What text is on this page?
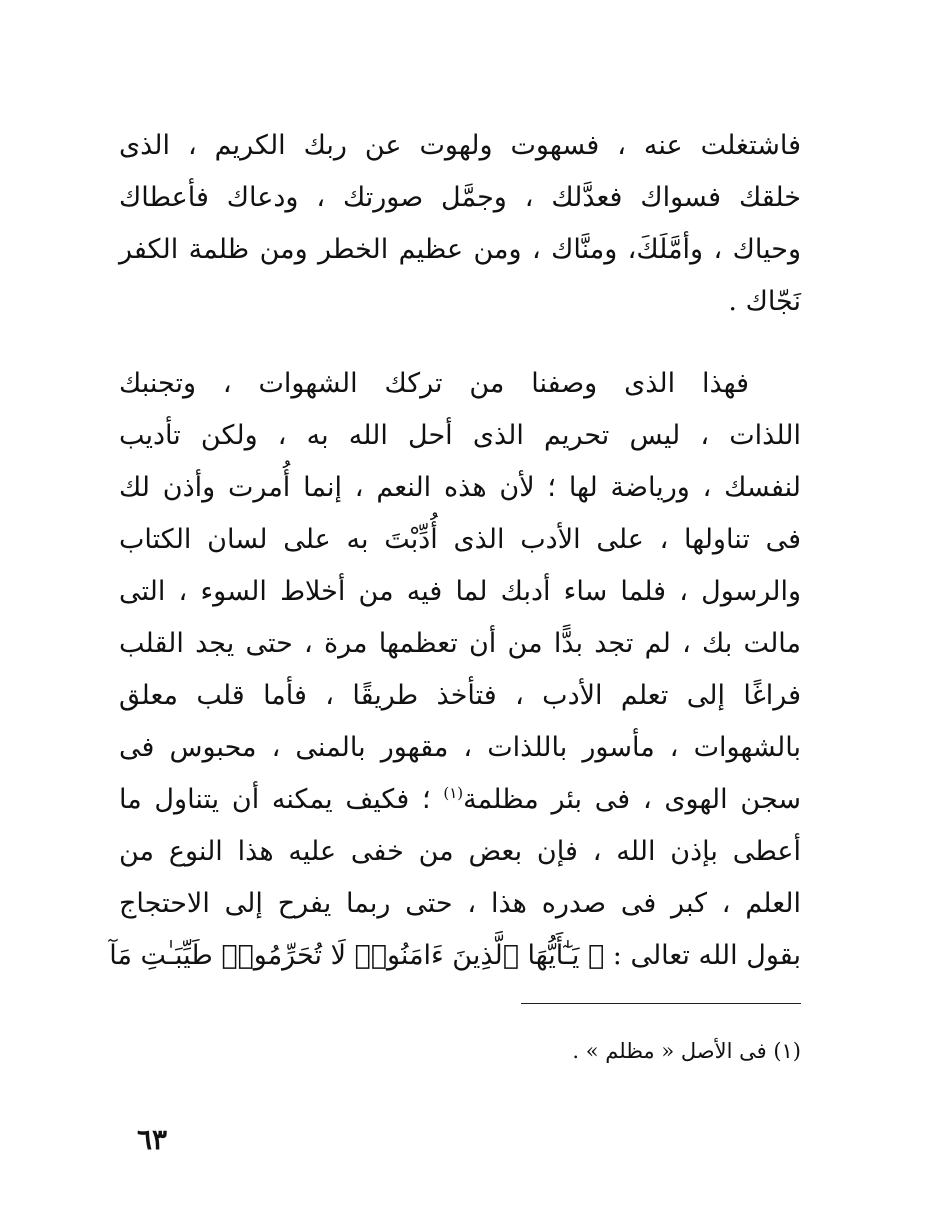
فاشتغلت عنه ، فسهوت ولهوت عن ربك الكريم ، الذى
خلقك فسواك فعدَّلك ، وجمَّل صورتك ، ودعاك فأعطاك
وحياك ، وأمَّلَكَ، ومنَّاك ، ومن عظيم الخطر ومن ظلمة الكفر
نَجّاك .
فهذا الذى وصفنا من تركك الشهوات ، وتجنبك
اللذات ، ليس تحريم الذى أحل الله به ، ولكن تأديب
لنفسك ، ورياضة لها ؛ لأن هذه النعم ، إنما أُمرت وأذن لك
فى تناولها ، على الأدب الذى أُدِّبْتَ به على لسان الكتاب
والرسول ، فلما ساء أدبك لما فيه من أخلاط السوء ، التى
مالت بك ، لم تجد بدًّا من أن تعظمها مرة ، حتى يجد القلب
فراغًا إلى تعلم الأدب ، فتأخذ طريقًا ، فأما قلب معلق
بالشهوات ، مأسور باللذات ، مقهور بالمنى ، محبوس فى
سجن الهوى ، فى بئر مظلمة$^{(١)}$ ؛ فكيف يمكنه أن يتناول ما
أعطى بإذن الله ، فإن بعض من خفى عليه هذا النوع من
العلم ، كبر فى صدره هذا ، حتى ربما يفرح إلى الاحتجاج
بقول الله تعالى : ﴿ يَـٰٓأَيُّهَا ٱلَّذِينَ ءَامَنُوا۟ لَا تُحَرِّمُوا۟ طَيِّبَـٰتِ مَآ
(١) فى الأصل « مظلم » .
٦٣
